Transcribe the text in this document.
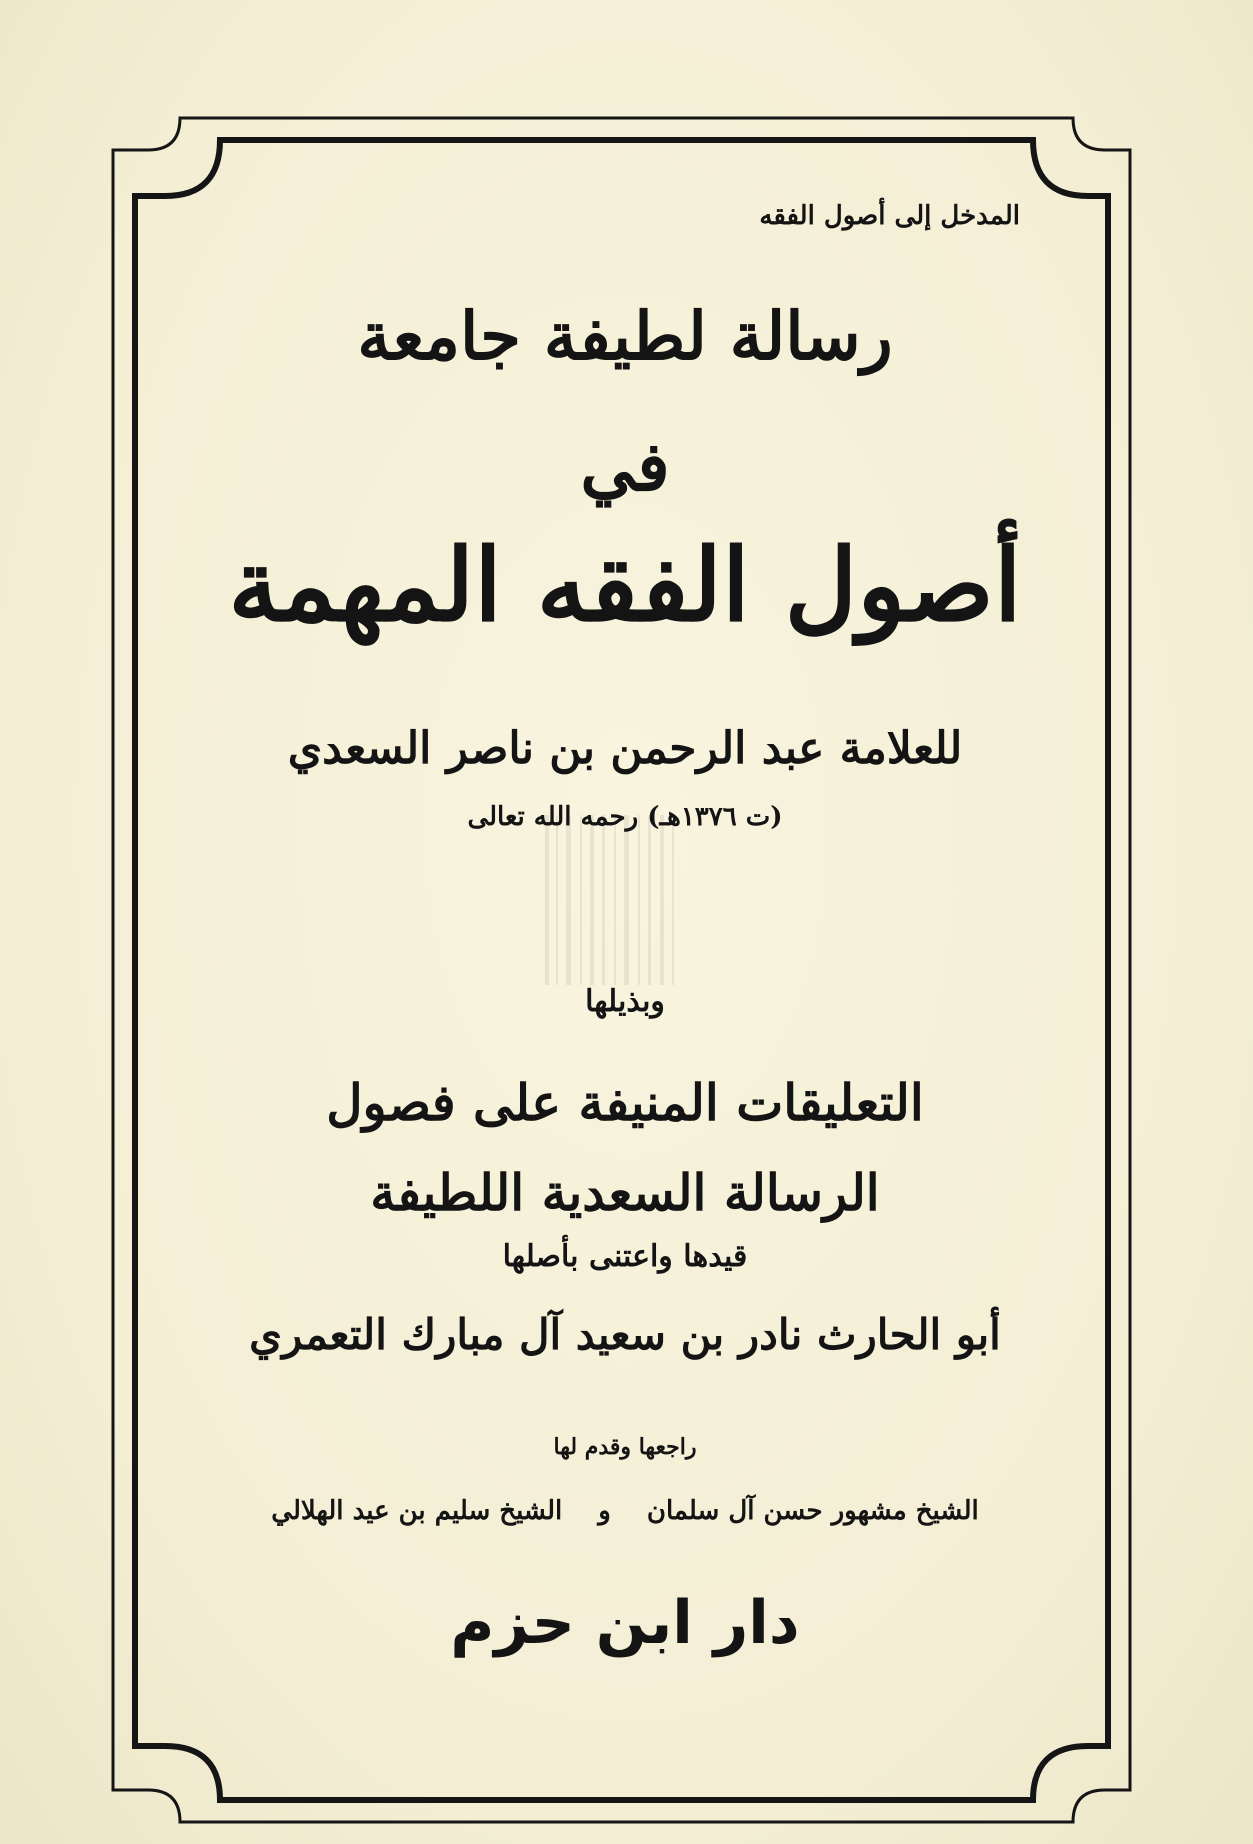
المدخل إلى أصول الفقه
رسالة لطيفة جامعة
في
أصول الفقه المهمة
للعلامة عبد الرحمن بن ناصر السعدي
(ت ١٣٧٦هـ) رحمه الله تعالى
وبذيلها
التعليقات المنيفة على فصول
الرسالة السعدية اللطيفة
قيدها واعتنى بأصلها
أبو الحارث نادر بن سعيد آل مبارك التعمري
راجعها وقدم لها
الشيخ مشهور حسن آل سلمان
و
الشيخ سليم بن عيد الهلالي
دار ابن حزم
